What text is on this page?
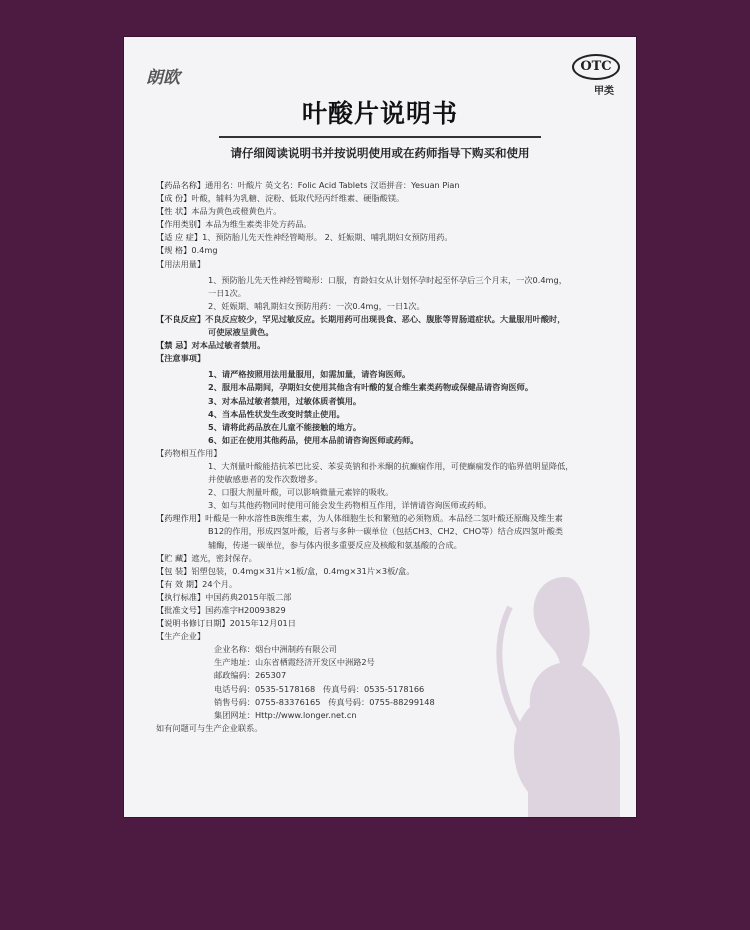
朗欧
OTC
甲类
叶酸片说明书
请仔细阅读说明书并按说明使用或在药师指导下购买和使用
【药品名称】通用名：叶酸片 英文名：Folic Acid Tablets 汉语拼音：Yesuan Pian
【成 份】叶酸，辅料为乳糖、淀粉、低取代羟丙纤维素、硬脂酸镁。
【性 状】本品为黄色或橙黄色片。
【作用类别】本品为维生素类非处方药品。
【适 应 症】1、预防胎儿先天性神经管畸形。 2、妊娠期、哺乳期妇女预防用药。
【规 格】0.4mg
【用法用量】
1、预防胎儿先天性神经管畸形：口服，育龄妇女从计划怀孕时起至怀孕后三个月末，一次0.4mg，
一日1次。
2、妊娠期、哺乳期妇女预防用药：一次0.4mg，一日1次。
【不良反应】不良反应较少，罕见过敏反应。长期用药可出现畏食、恶心、腹胀等胃肠道症状。大量服用叶酸时，
可使尿液呈黄色。
【禁 忌】对本品过敏者禁用。
【注意事项】
1、请严格按照用法用量服用，如需加量，请咨询医师。
2、服用本品期间，孕期妇女使用其他含有叶酸的复合维生素类药物或保健品请咨询医师。
3、对本品过敏者禁用，过敏体质者慎用。
4、当本品性状发生改变时禁止使用。
5、请将此药品放在儿童不能接触的地方。
6、如正在使用其他药品，使用本品前请咨询医师或药师。
【药物相互作用】
1、大剂量叶酸能拮抗苯巴比妥、苯妥英钠和扑米酮的抗癫痫作用，可使癫痫发作的临界值明显降低，
并使敏感患者的发作次数增多。
2、口服大剂量叶酸，可以影响微量元素锌的吸收。
3、如与其他药物同时使用可能会发生药物相互作用，详情请咨询医师或药师。
【药理作用】叶酸是一种水溶性B族维生素，为人体细胞生长和繁殖的必须物质。本品经二氢叶酸还原酶及维生素
B12的作用，形成四氢叶酸，后者与多种一碳单位（包括CH3、CH2、CHO等）结合成四氢叶酸类
辅酶，传递一碳单位，参与体内很多重要反应及核酸和氨基酸的合成。
【贮 藏】遮光，密封保存。
【包 装】铝塑包装，0.4mg×31片×1板/盒，0.4mg×31片×3板/盒。
【有 效 期】24个月。
【执行标准】中国药典2015年版二部
【批准文号】国药准字H20093829
【说明书修订日期】2015年12月01日
【生产企业】
企业名称：烟台中洲制药有限公司
生产地址：山东省栖霞经济开发区中洲路2号
邮政编码：265307
电话号码：0535-5178168 传真号码：0535-5178166
销售号码：0755-83376165 传真号码：0755-88299148
集团网址：Http://www.longer.net.cn
如有问题可与生产企业联系。
